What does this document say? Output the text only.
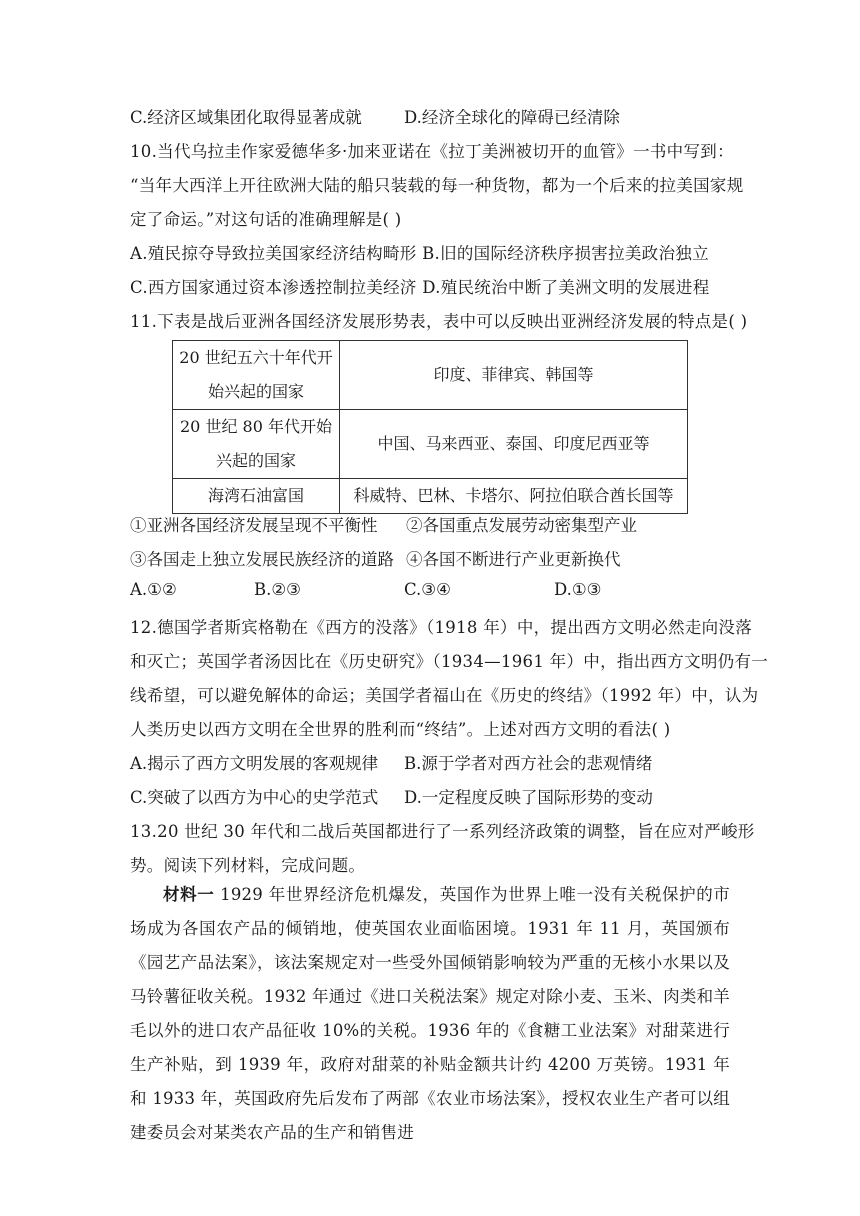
C.经济区域集团化取得显著成就	D.经济全球化的障碍已经清除
10.当代乌拉圭作家爱德华多·加来亚诺在《拉丁美洲被切开的血管》一书中写到：
“当年大西洋上开往欧洲大陆的船只装载的每一种货物，都为一个后来的拉美国家规
定了命运。”对这句话的准确理解是( )
A.殖民掠夺导致拉美国家经济结构畸形 B.旧的国际经济秩序损害拉美政治独立
C.西方国家通过资本渗透控制拉美经济 D.殖民统治中断了美洲文明的发展进程
11.下表是战后亚洲各国经济发展形势表，表中可以反映出亚洲经济发展的特点是( )
20 世纪五六十年代开
始兴起的国家	印度、菲律宾、韩国等

20 世纪 80 年代开始
兴起的国家	中国、马来西亚、泰国、印度尼西亚等
海湾石油富国	科威特、巴林、卡塔尔、阿拉伯联合酋长国等
①亚洲各国经济发展呈现不平衡性 ②各国重点发展劳动密集型产业
③各国走上独立发展民族经济的道路 ④各国不断进行产业更新换代
A.①②	B.②③	C.③④	D.①③
12.德国学者斯宾格勒在《西方的没落》（1918 年）中，提出西方文明必然走向没落
和灭亡；英国学者汤因比在《历史研究》（1934—1961 年）中，指出西方文明仍有一
线希望，可以避免解体的命运；美国学者福山在《历史的终结》（1992 年）中，认为
人类历史以西方文明在全世界的胜利而“终结”。上述对西方文明的看法( )
A.揭示了西方文明发展的客观规律 B.源于学者对西方社会的悲观情绪
C.突破了以西方为中心的史学范式 D.一定程度反映了国际形势的变动
13.20 世纪 30 年代和二战后英国都进行了一系列经济政策的调整，旨在应对严峻形
势。阅读下列材料，完成问题。
材料一 1929 年世界经济危机爆发，英国作为世界上唯一没有关税保护的市场成为各国农产品的倾销地，使英国农业面临困境。1931 年 11 月，英国颁布《园艺产品法案》，该法案规定对一些受外国倾销影响较为严重的无核小水果以及马铃薯征收关税。1932 年通过《进口关税法案》规定对除小麦、玉米、肉类和羊毛以外的进口农产品征收 10%的关税。1936 年的《食糖工业法案》对甜菜进行生产补贴，到 1939 年，政府对甜菜的补贴金额共计约 4200 万英镑。1931 年和 1933 年，英国政府先后发布了两部《农业市场法案》，授权农业生产者可以组建委员会对某类农产品的生产和销售进
